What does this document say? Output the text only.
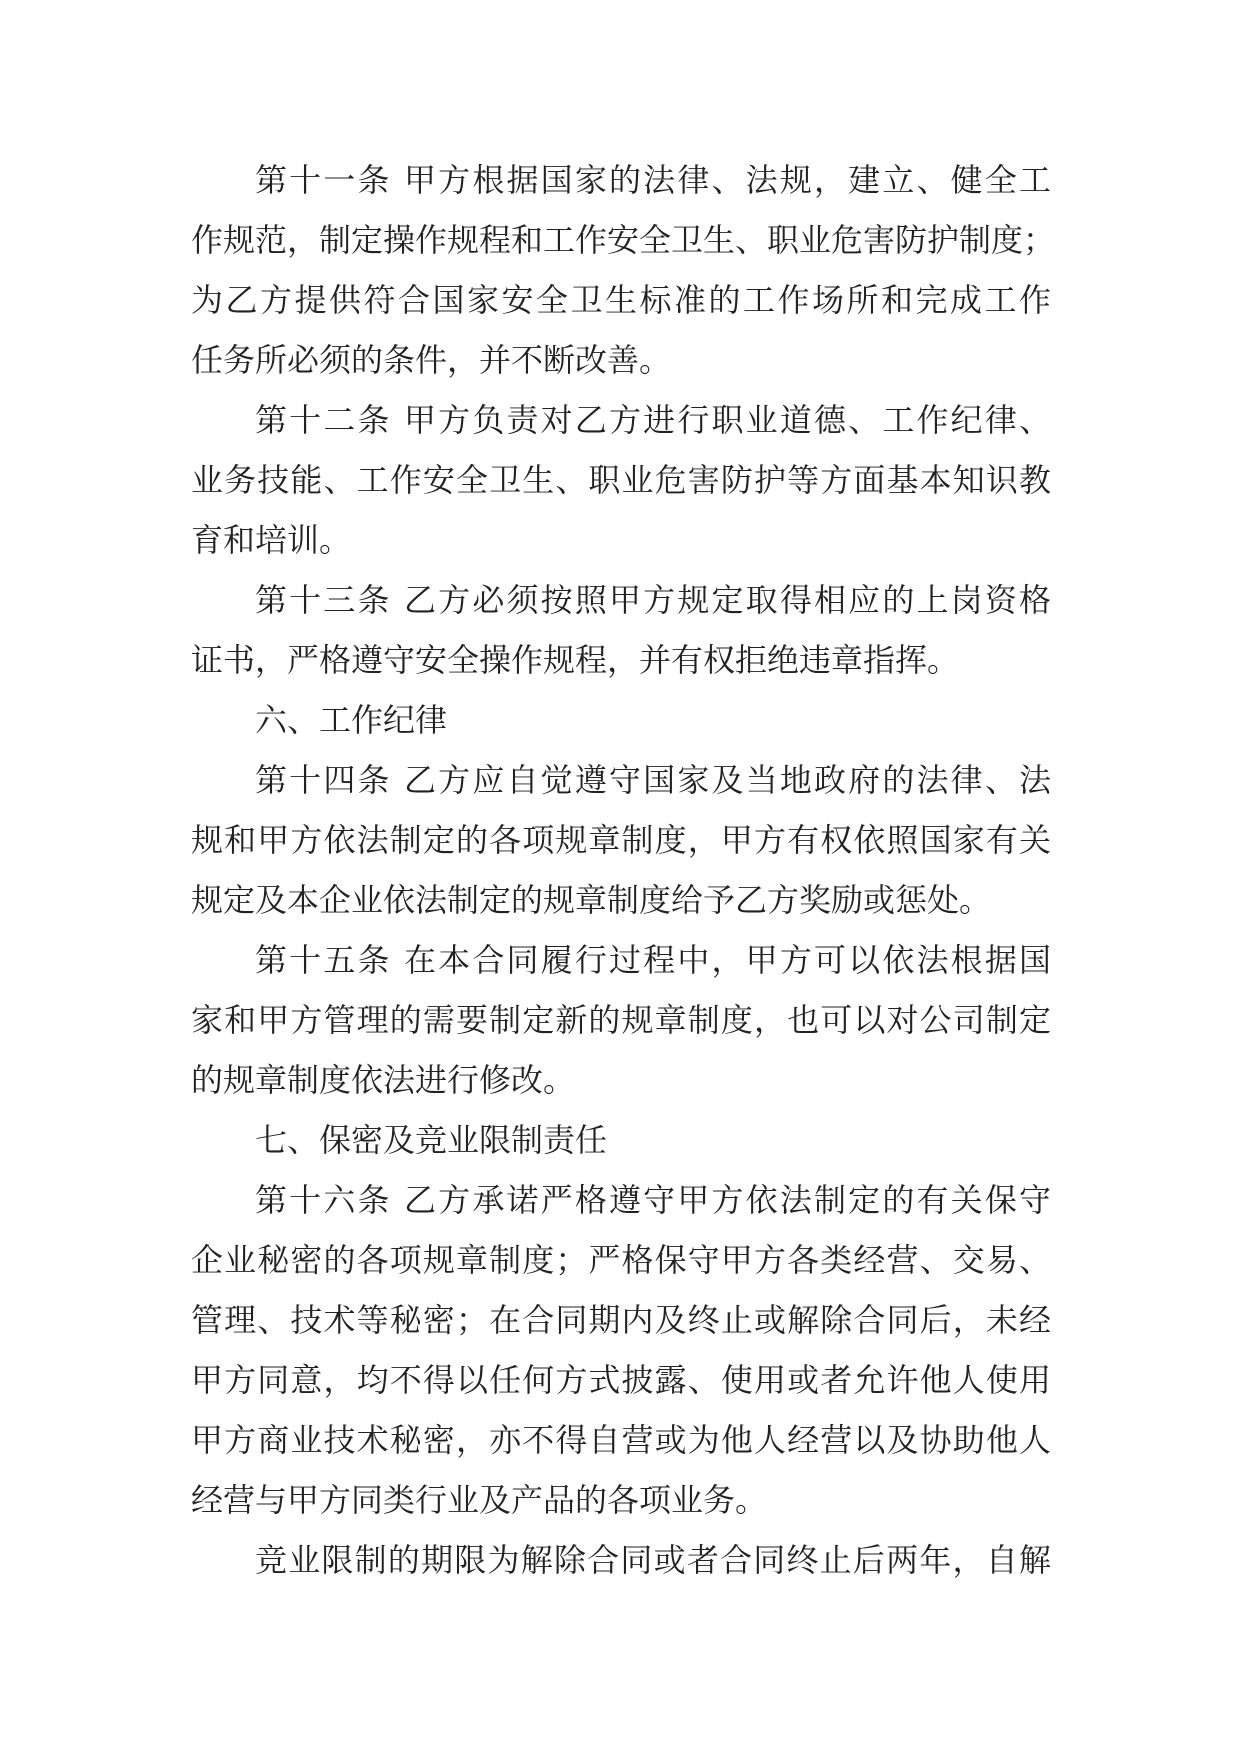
第十一条 甲方根据国家的法律、法规，建立、健全工
作规范，制定操作规程和工作安全卫生、职业危害防护制度；
为乙方提供符合国家安全卫生标准的工作场所和完成工作
任务所必须的条件，并不断改善。
第十二条 甲方负责对乙方进行职业道德、工作纪律、
业务技能、工作安全卫生、职业危害防护等方面基本知识教
育和培训。
第十三条 乙方必须按照甲方规定取得相应的上岗资格
证书，严格遵守安全操作规程，并有权拒绝违章指挥。
六、工作纪律
第十四条 乙方应自觉遵守国家及当地政府的法律、法
规和甲方依法制定的各项规章制度，甲方有权依照国家有关
规定及本企业依法制定的规章制度给予乙方奖励或惩处。
第十五条 在本合同履行过程中，甲方可以依法根据国
家和甲方管理的需要制定新的规章制度，也可以对公司制定
的规章制度依法进行修改。
七、保密及竞业限制责任
第十六条 乙方承诺严格遵守甲方依法制定的有关保守
企业秘密的各项规章制度；严格保守甲方各类经营、交易、
管理、技术等秘密；在合同期内及终止或解除合同后，未经
甲方同意，均不得以任何方式披露、使用或者允许他人使用
甲方商业技术秘密，亦不得自营或为他人经营以及协助他人
经营与甲方同类行业及产品的各项业务。
竞业限制的期限为解除合同或者合同终止后两年，自解
